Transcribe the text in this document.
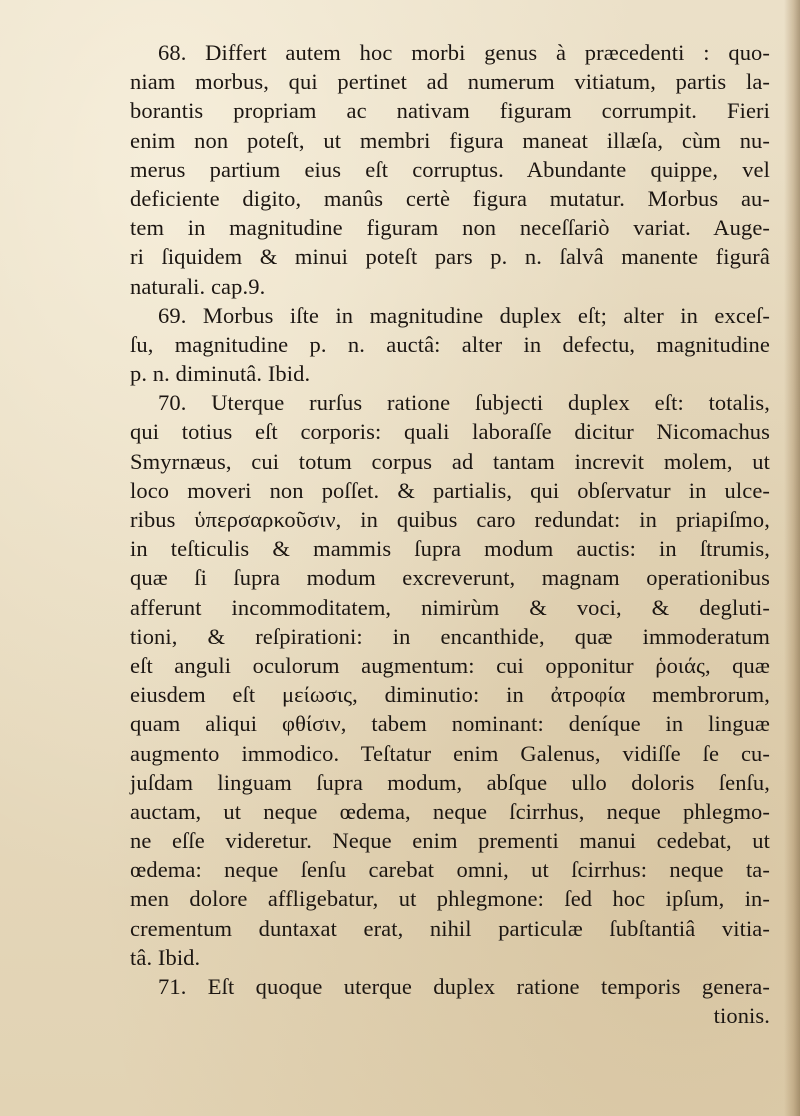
68. Differt autem hoc morbi genus à præcedenti : quo-
niam morbus, qui pertinet ad numerum vitiatum, partis la-
borantis propriam ac nativam figuram corrumpit. Fieri
enim non poteſt, ut membri figura maneat illæſa, cùm nu-
merus partium eius eſt corruptus. Abundante quippe, vel
deficiente digito, manûs certè figura mutatur. Morbus au-
tem in magnitudine figuram non neceſſariò variat. Auge-
ri ſiquidem & minui poteſt pars p. n. ſalvâ manente figurâ
naturali. cap.9.
69. Morbus iſte in magnitudine duplex eſt; alter in exceſ-
ſu, magnitudine p. n. auctâ: alter in defectu, magnitudine
p. n. diminutâ. Ibid.
70. Uterque rurſus ratione ſubjecti duplex eſt: totalis,
qui totius eſt corporis: quali laboraſſe dicitur Nicomachus
Smyrnæus, cui totum corpus ad tantam increvit molem, ut
loco moveri non poſſet. & partialis, qui obſervatur in ulce-
ribus ὑπερσαρκοῦσιν, in quibus caro redundat: in priapiſmo,
in teſticulis & mammis ſupra modum auctis: in ſtrumis,
quæ ſi ſupra modum excreverunt, magnam operationibus
afferunt incommoditatem, nimirùm & voci, & degluti-
tioni, & reſpirationi: in encanthide, quæ immoderatum
eſt anguli oculorum augmentum: cui opponitur ῥοιάς, quæ
eiusdem eſt μείωσις, diminutio: in ἀτροφία membrorum,
quam aliqui φθίσιν, tabem nominant: deníque in linguæ
augmento immodico. Teſtatur enim Galenus, vidiſſe ſe cu-
juſdam linguam ſupra modum, abſque ullo doloris ſenſu,
auctam, ut neque œdema, neque ſcirrhus, neque phlegmo-
ne eſſe videretur. Neque enim prementi manui cedebat, ut
œdema: neque ſenſu carebat omni, ut ſcirrhus: neque ta-
men dolore affligebatur, ut phlegmone: ſed hoc ipſum, in-
crementum duntaxat erat, nihil particulæ ſubſtantiâ vitia-
tâ. Ibid.
71. Eſt quoque uterque duplex ratione temporis genera-
tionis.
